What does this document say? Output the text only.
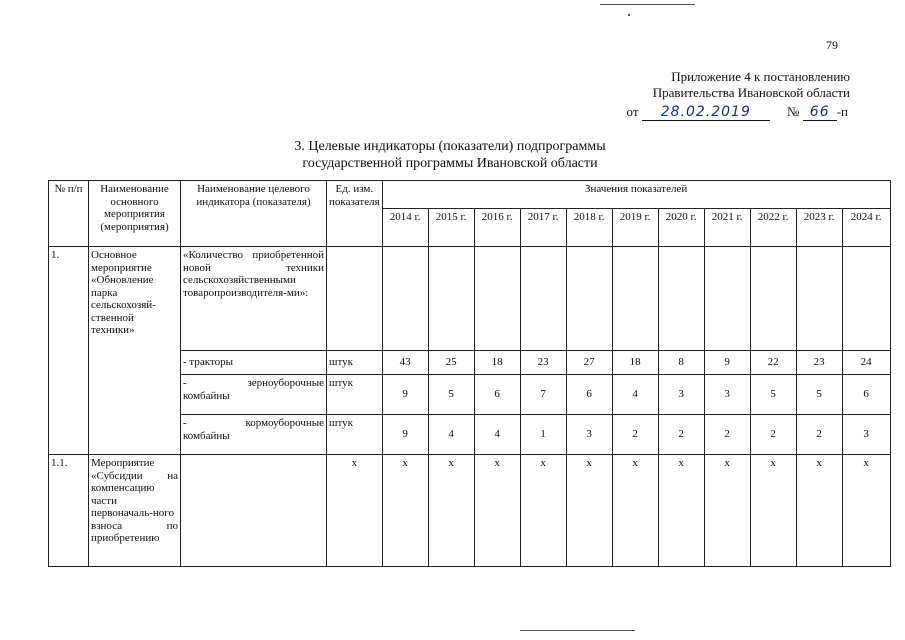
79
Приложение 4 к постановлению
Правительства Ивановской области
от 28.02.2019	№ 66 -п
3. Целевые индикаторы (показатели) подпрограммы
государственной программы Ивановской области
№ п/п	Наименование основного мероприятия (мероприятия)	Наименование целевого индикатора (показателя)	Ед. изм. показателя	Значения показателей										
				2014 г.	2015 г.	2016 г.	2017 г.	2018 г.	2019 г.	2020 г.	2021 г.	2022 г.	2023 г.	2024 г.
1.	Основное мероприятие «Обновление парка сельскохозяй-ственной техники»	«Количество приобретенной новой техники сельскохозяйственными товаропроизводителя-ми»:												
		- тракторы	штук	43	25	18	23	27	18	8	9	22	23	24

		- зерноуборочные
комбайны	штук	9	5	6	7	6	4	3	3	5	5	6

		- кормоуборочные
комбайны	штук	9	4	4	1	3	2	2	2	2	2	3
1.1.	Мероприятие «Субсидии на компенсацию части первоначаль-ного взноса по приобретению		х	х	х	х	х	х	х	х	х	х	х	х
